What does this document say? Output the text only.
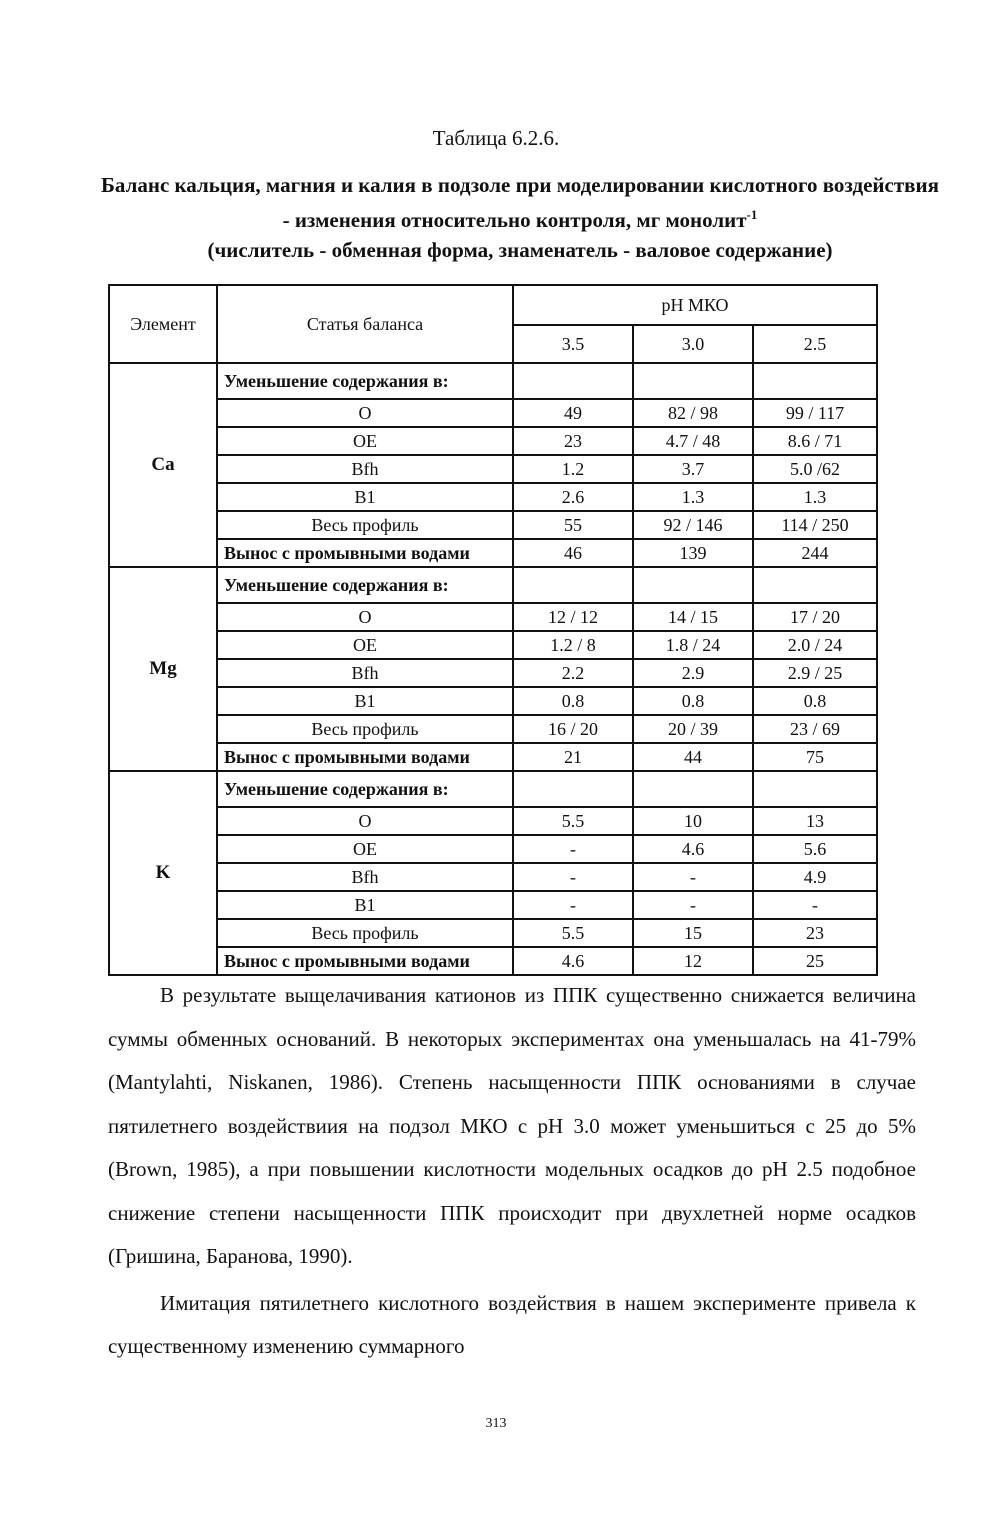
Таблица 6.2.6.
Баланс кальция, магния и калия в подзоле при моделировании кислотного воздействия - изменения относительно контроля, мг монолит$^{-1}$
(числитель - обменная форма, знаменатель - валовое содержание)
Элемент	Статья баланса	pH МКО		
		3.5	3.0	2.5
Ca	Уменьшение содержания в:			
	O	49	82 / 98	99 / 117
	OE	23	4.7 / 48	8.6 / 71
	Bfh	1.2	3.7	5.0 /62
	B1	2.6	1.3	1.3
	Весь профиль	55	92 / 146	114 / 250
	Вынос с промывными водами	46	139	244
Mg	Уменьшение содержания в:			
	O	12 / 12	14 / 15	17 / 20
	OE	1.2 / 8	1.8 / 24	2.0 / 24
	Bfh	2.2	2.9	2.9 / 25
	B1	0.8	0.8	0.8
	Весь профиль	16 / 20	20 / 39	23 / 69
	Вынос с промывными водами	21	44	75
K	Уменьшение содержания в:			
	O	5.5	10	13
	OE	-	4.6	5.6
	Bfh	-	-	4.9
	B1	-	-	-
	Весь профиль	5.5	15	23
	Вынос с промывными водами	4.6	12	25

В результате выщелачивания катионов из ППК существенно снижается величина суммы обменных оснований. В некоторых экспериментах она уменьшалась на 41-79% (Mantylahti, Niskanen, 1986). Степень насыщенности ППК основаниями в случае пятилетнего воздействиия на подзол МКО с pH 3.0 может уменьшиться с 25 до 5% (Brown, 1985), а при повышении кислотности модельных осадков до pH 2.5 подобное снижение степени насыщенности ППК происходит при двухлетней норме осадков (Гришина, Баранова, 1990).

Имитация пятилетнего кислотного воздействия в нашем эксперименте привела к существенному изменению суммарного

313
